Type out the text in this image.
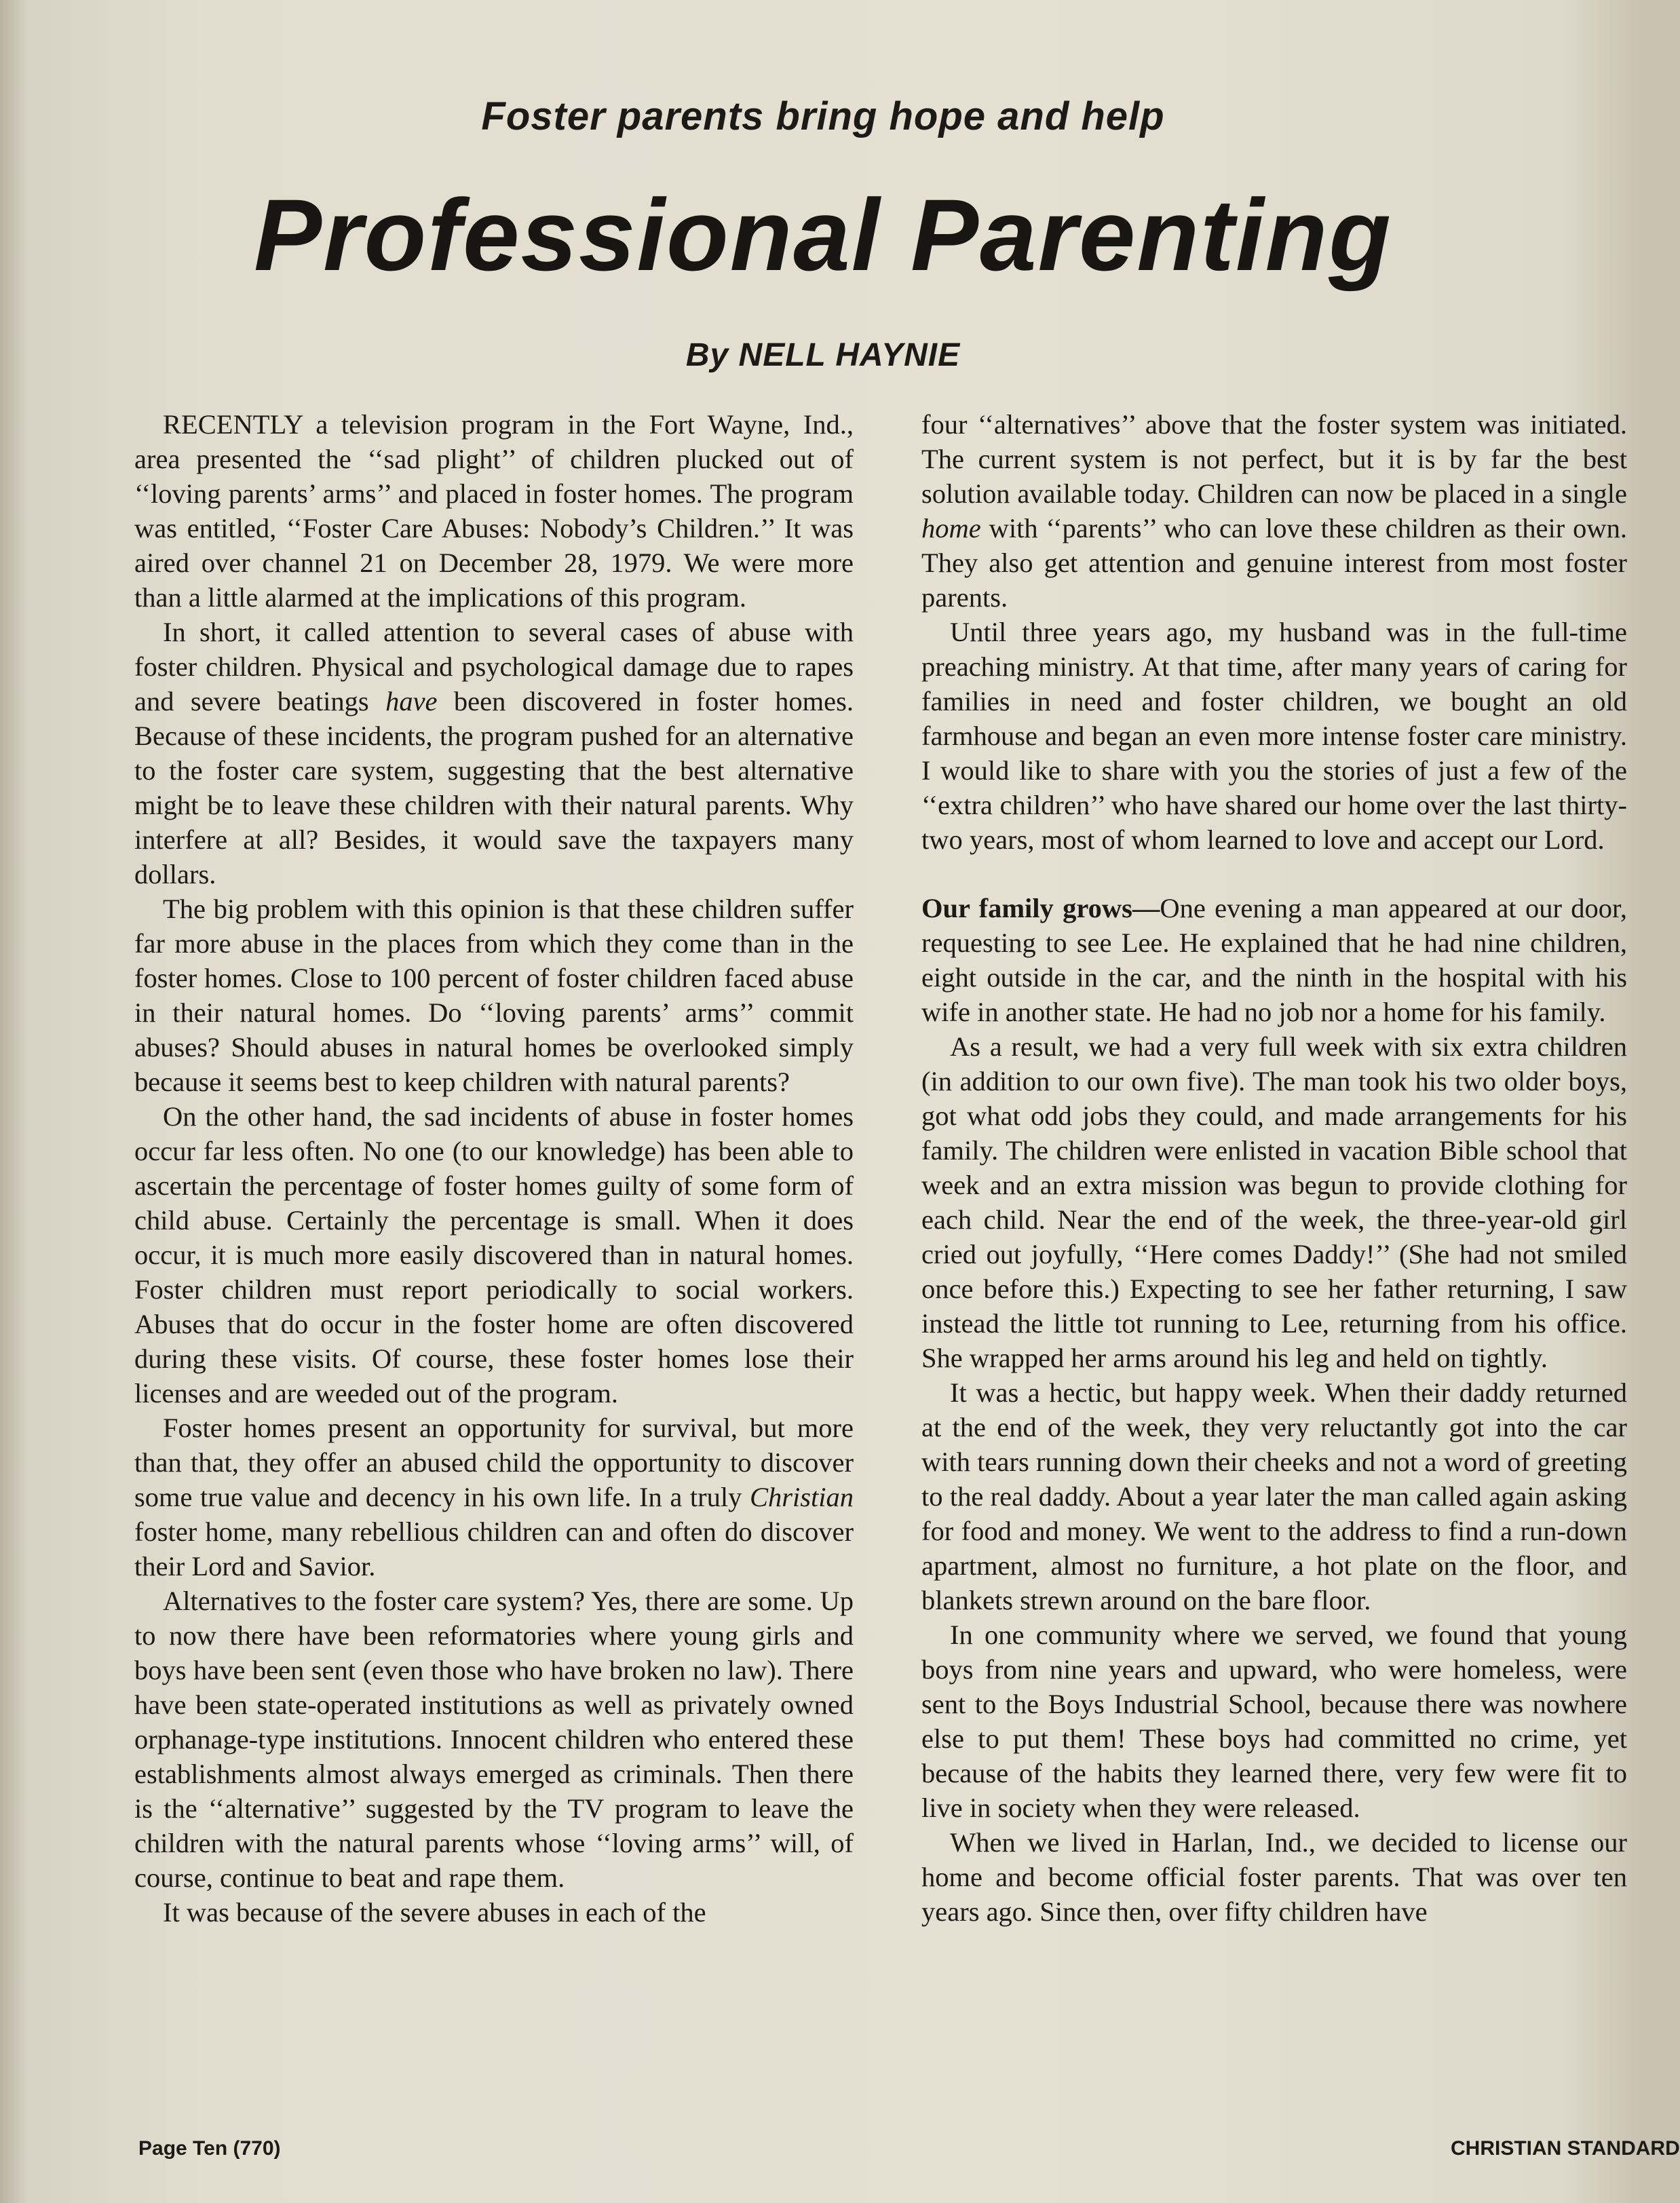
Foster parents bring hope and help
Professional Parenting
By NELL HAYNIE

RECENTLY a television program in the Fort Wayne, Ind., area presented the ‘‘sad plight’’ of children plucked out of ‘‘loving parents’ arms’’ and placed in foster homes. The program was entitled, ‘‘Foster Care Abuses: Nobody’s Children.’’ It was aired over channel 21 on December 28, 1979. We were more than a little alarmed at the implications of this program.

In short, it called attention to several cases of abuse with foster children. Physical and psychological damage due to rapes and severe beatings have been discovered in foster homes. Because of these incidents, the program pushed for an alternative to the foster care system, suggesting that the best alternative might be to leave these children with their natural parents. Why interfere at all? Besides, it would save the taxpayers many dollars.

The big problem with this opinion is that these children suffer far more abuse in the places from which they come than in the foster homes. Close to 100 percent of foster children faced abuse in their natural homes. Do ‘‘loving parents’ arms’’ commit abuses? Should abuses in natural homes be overlooked simply because it seems best to keep children with natural parents?

On the other hand, the sad incidents of abuse in foster homes occur far less often. No one (to our knowledge) has been able to ascertain the percentage of foster homes guilty of some form of child abuse. Certainly the percentage is small. When it does occur, it is much more easily discovered than in natural homes. Foster children must report periodically to social workers. Abuses that do occur in the foster home are often discovered during these visits. Of course, these foster homes lose their licenses and are weeded out of the program.

Foster homes present an opportunity for survival, but more than that, they offer an abused child the opportunity to discover some true value and decency in his own life. In a truly Christian foster home, many rebellious children can and often do discover their Lord and Savior.

Alternatives to the foster care system? Yes, there are some. Up to now there have been reformatories where young girls and boys have been sent (even those who have broken no law). There have been state-operated institutions as well as privately owned orphanage-type institutions. Innocent children who entered these establishments almost always emerged as criminals. Then there is the ‘‘alternative’’ suggested by the TV program to leave the children with the natural parents whose ‘‘loving arms’’ will, of course, continue to beat and rape them.

It was because of the severe abuses in each of the

four ‘‘alternatives’’ above that the foster system was initiated. The current system is not perfect, but it is by far the best solution available today. Children can now be placed in a single home with ‘‘parents’’ who can love these children as their own. They also get attention and genuine interest from most foster parents.

Until three years ago, my husband was in the full-time preaching ministry. At that time, after many years of caring for families in need and foster children, we bought an old farmhouse and began an even more intense foster care ministry. I would like to share with you the stories of just a few of the ‘‘extra children’’ who have shared our home over the last thirty-two years, most of whom learned to love and accept our Lord.

Our family grows—One evening a man appeared at our door, requesting to see Lee. He explained that he had nine children, eight outside in the car, and the ninth in the hospital with his wife in another state. He had no job nor a home for his family.

As a result, we had a very full week with six extra children (in addition to our own five). The man took his two older boys, got what odd jobs they could, and made arrangements for his family. The children were enlisted in vacation Bible school that week and an extra mission was begun to provide clothing for each child. Near the end of the week, the three-year-old girl cried out joyfully, ‘‘Here comes Daddy!’’ (She had not smiled once before this.) Expecting to see her father returning, I saw instead the little tot running to Lee, returning from his office. She wrapped her arms around his leg and held on tightly.

It was a hectic, but happy week. When their daddy returned at the end of the week, they very reluctantly got into the car with tears running down their cheeks and not a word of greeting to the real daddy. About a year later the man called again asking for food and money. We went to the address to find a run-down apartment, almost no furniture, a hot plate on the floor, and blankets strewn around on the bare floor.

In one community where we served, we found that young boys from nine years and upward, who were homeless, were sent to the Boys Industrial School, because there was nowhere else to put them! These boys had committed no crime, yet because of the habits they learned there, very few were fit to live in society when they were released.

When we lived in Harlan, Ind., we decided to license our home and become official foster parents. That was over ten years ago. Since then, over fifty children have

Page Ten (770)	CHRISTIAN STANDARD
